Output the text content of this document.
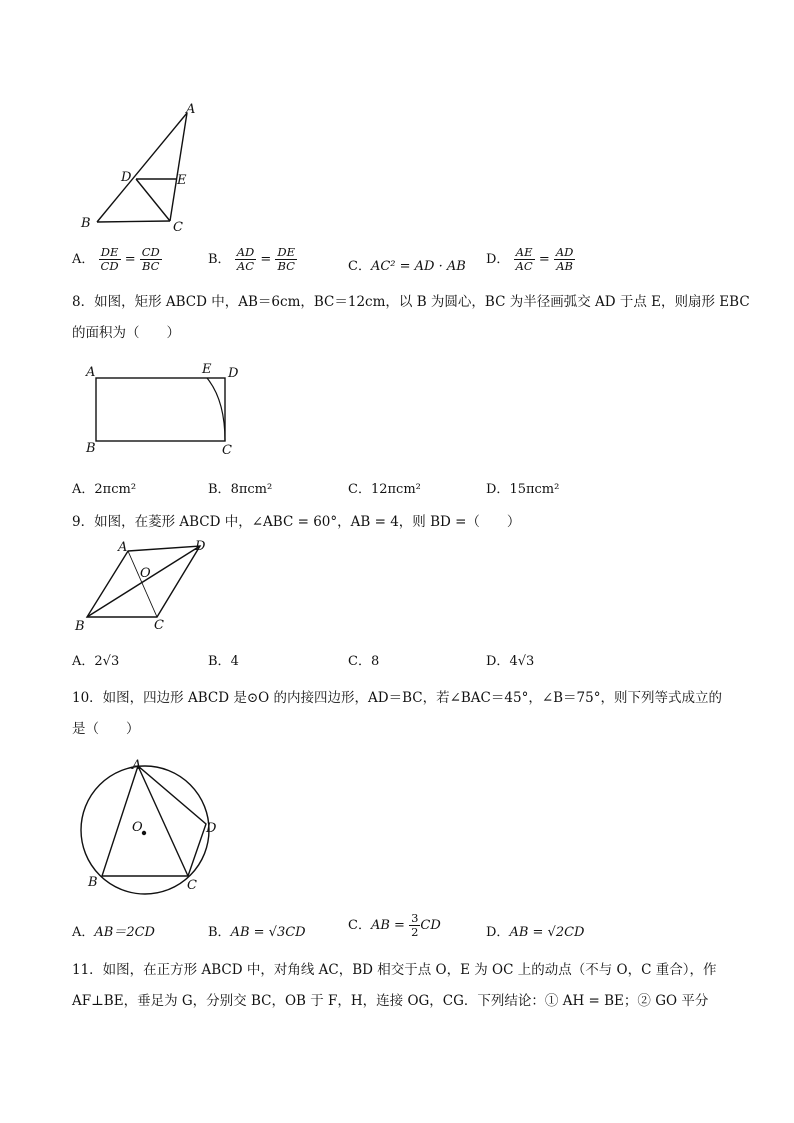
A
D	E
B	C
A． $\frac{DE}{CD} = \frac{CD}{BC}$	B． $\frac{AD}{AC} = \frac{DE}{BC}$	C．AC² = AD · AB D． $\frac{AE}{AC} = \frac{AD}{AB}$
8．如图，矩形 ABCD 中，AB＝6cm，BC＝12cm，以 B 为圆心，BC 为半径画弧交 AD 于点 E，则扇形 EBC
的面积为（　　）
A	E D
B	C
A．2πcm²	B．8πcm²	C．12πcm²	D．15πcm²
9．如图，在菱形 ABCD 中，∠ABC = 60°，AB = 4，则 BD =（　　）
A	D
O
B	C
A．2√3	B．4	C．8	D．4√3
10．如图，四边形 ABCD 是⊙O 的内接四边形，AD＝BC，若∠BAC＝45°，∠B＝75°，则下列等式成立的
是（　　）
A
O	D
B	C
A．AB＝2CD	B．AB = √3CD	C．AB = $\frac{3}{2}$ CD	D．AB = √2CD
11．如图，在正方形 ABCD 中，对角线 AC，BD 相交于点 O，E 为 OC 上的动点（不与 O，C 重合），作
AF⊥BE，垂足为 G，分别交 BC，OB 于 F，H，连接 OG，CG．下列结论：① AH = BE；② GO 平分
